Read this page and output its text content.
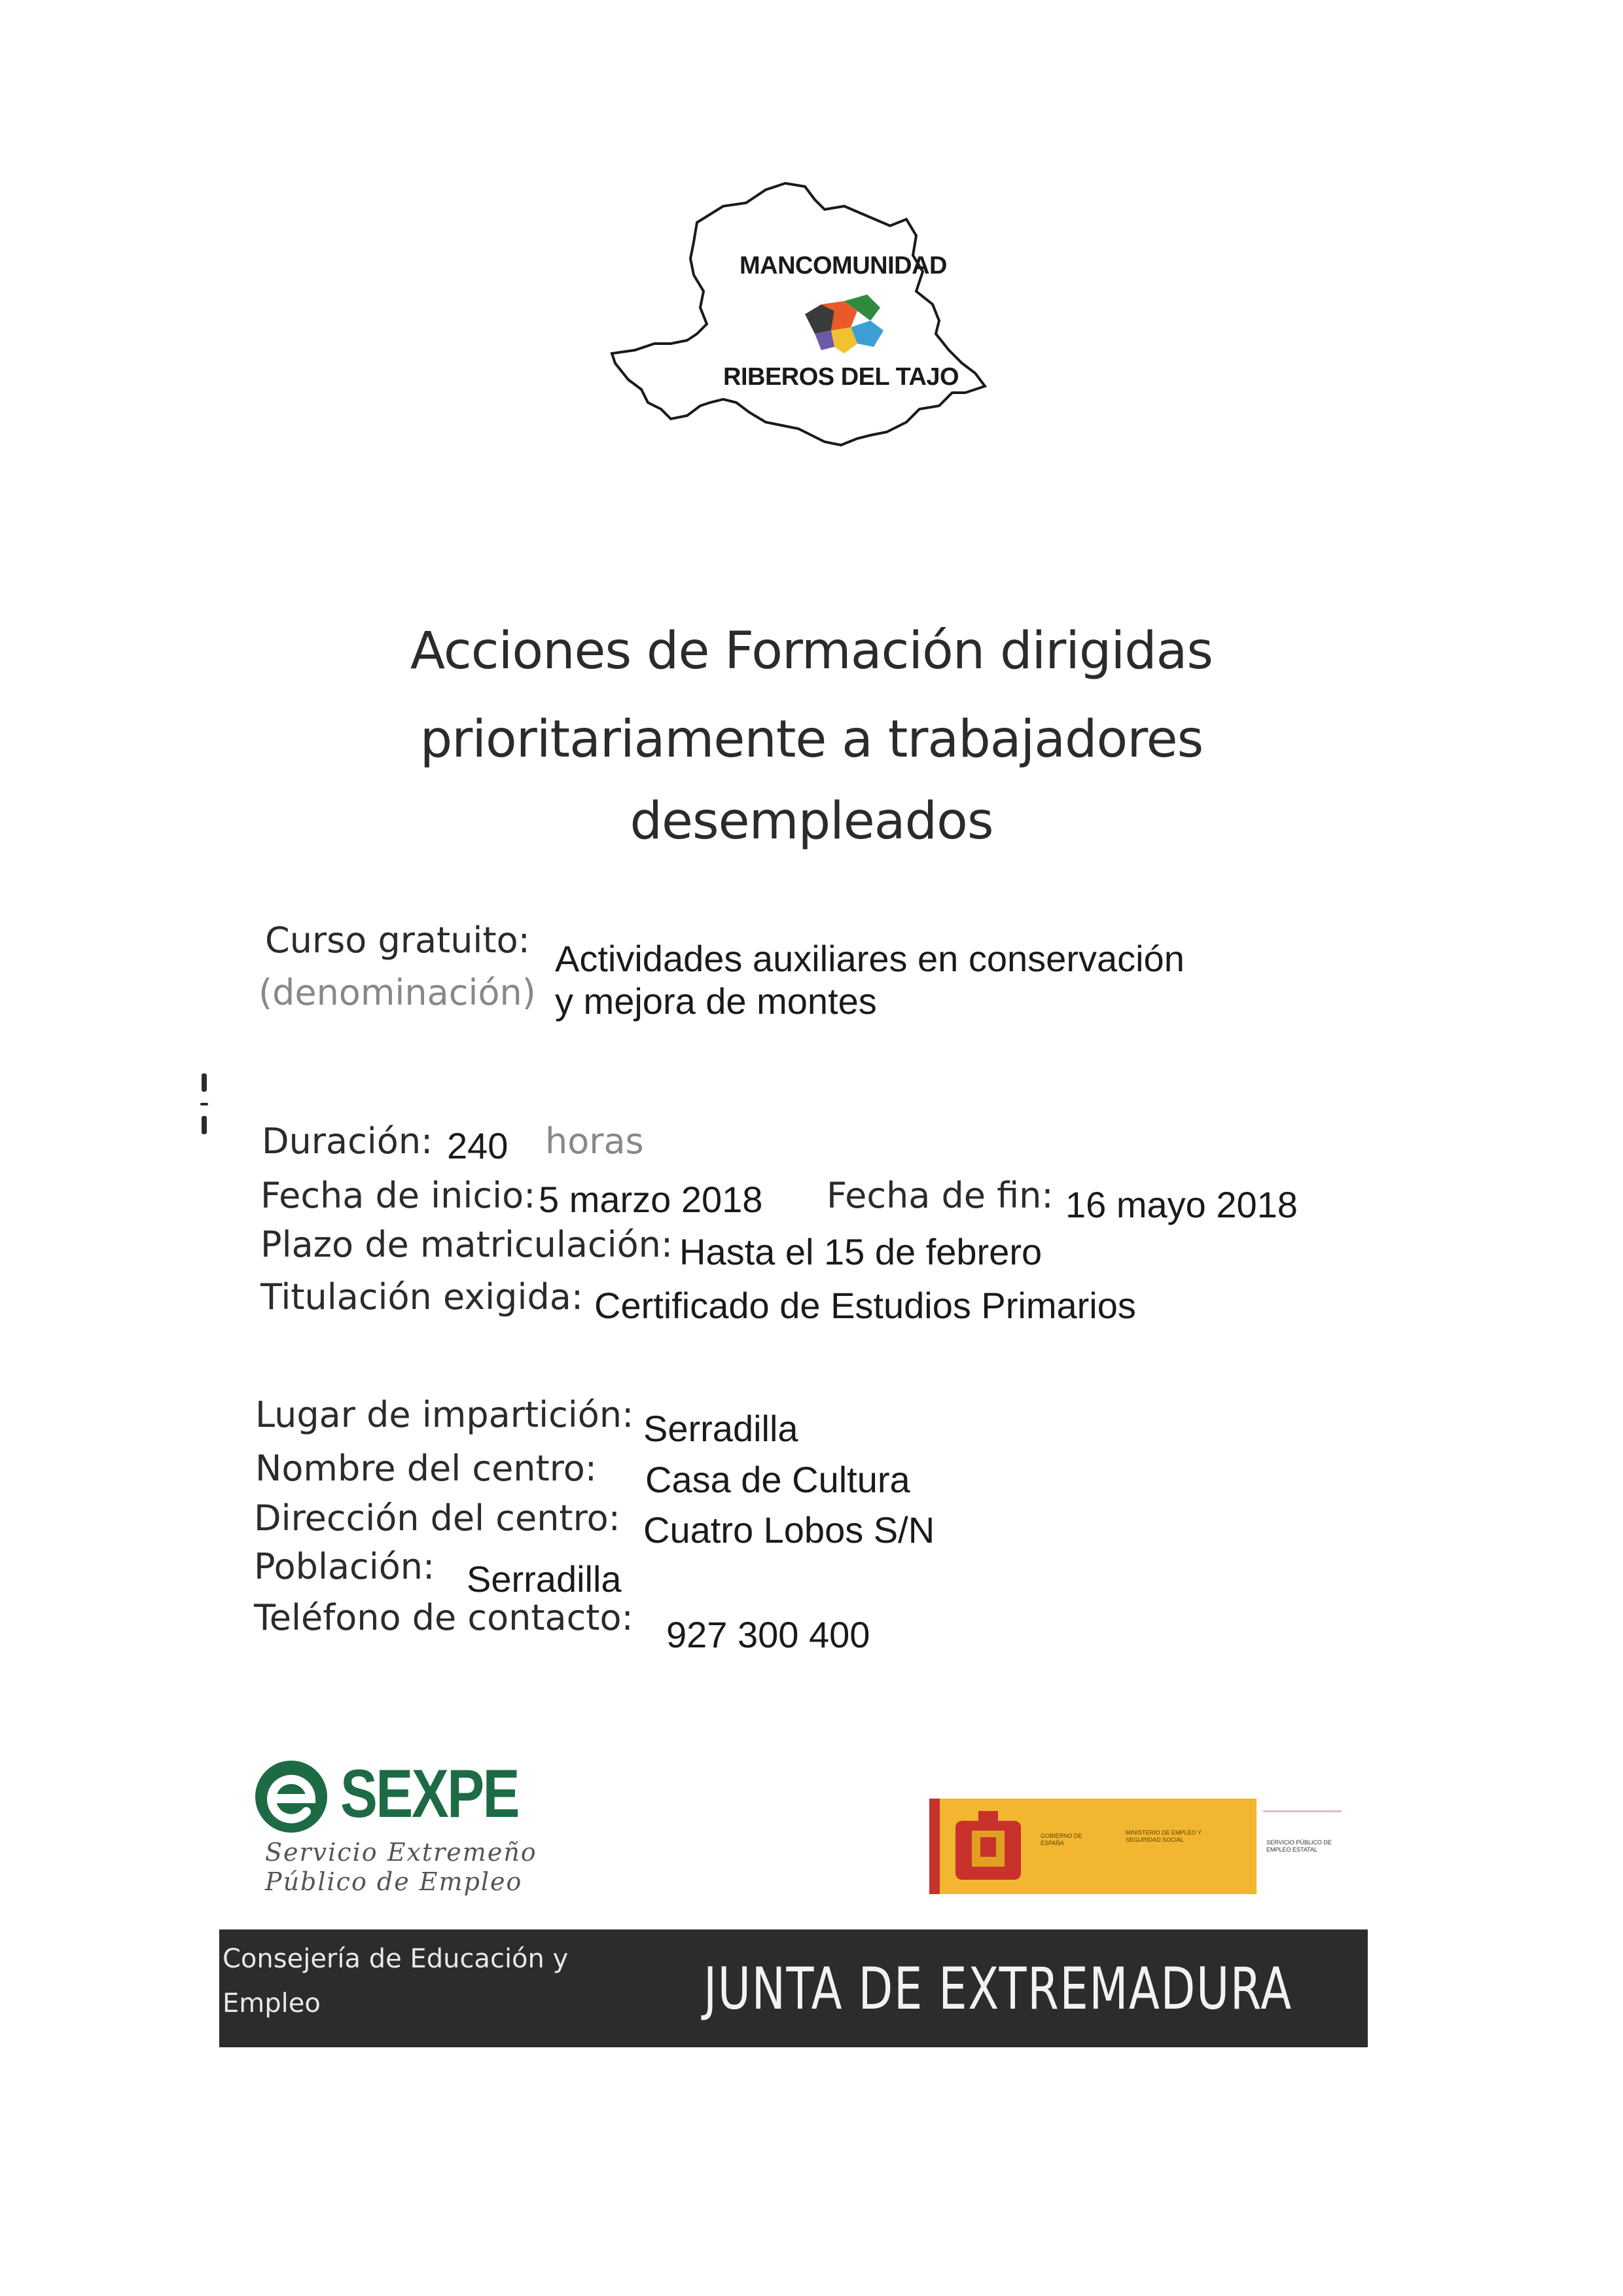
MANCOMUNIDAD
RIBEROS DEL TAJO
Acciones de Formación dirigidas
prioritariamente a trabajadores
desempleados
Curso gratuito:
(denominación)
Actividades auxiliares en conservación
y mejora de montes
Duración: 240 horas
Fecha de inicio: 5 marzo 2018 Fecha de fin: 16 mayo 2018
Plazo de matriculación: Hasta el 15 de febrero
Titulación exigida: Certificado de Estudios Primarios
Lugar de impartición: Serradilla
Nombre del centro: Casa de Cultura
Dirección del centro: Cuatro Lobos S/N
Población: Serradilla
Teléfono de contacto: 927 300 400
SEXPE
Servicio Extremeño
Público de Empleo
GOBIERNO DE ESPAÑA
MINISTERIO DE EMPLEO Y SEGURIDAD SOCIAL	SERVICIO PÚBLICO DE EMPLEO ESTATAL
Consejería de Educación y
Empleo	JUNTA DE EXTREMADURA
